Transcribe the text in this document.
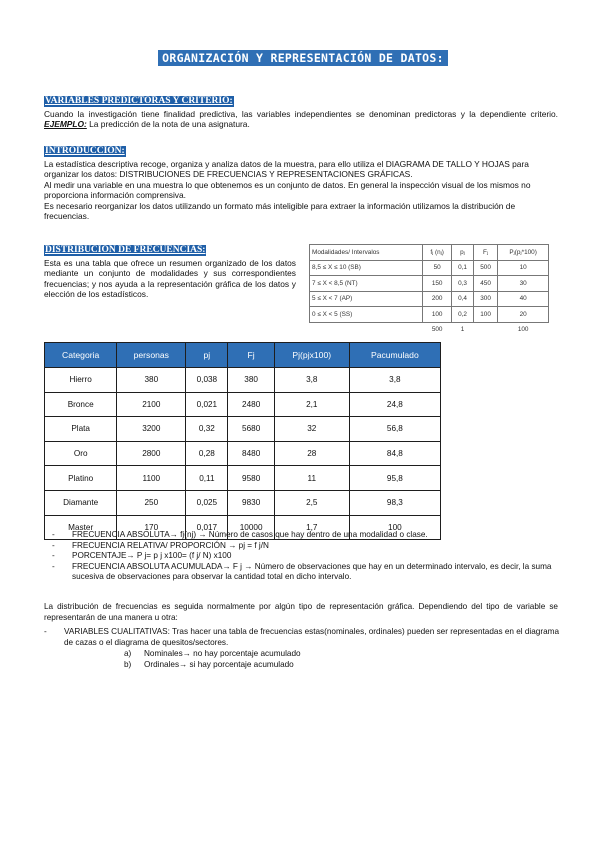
ORGANIZACIÓN Y REPRESENTACIÓN DE DATOS:
VARIABLES PREDICTORAS Y CRITERIO:

Cuando la investigación tiene finalidad predictiva, las variables independientes se denominan predictoras y la dependiente criterio. EJEMPLO: La predicción de la nota de una asignatura.

INTRODUCCIÓN:

La estadística descriptiva recoge, organiza y analiza datos de la muestra, para ello utiliza el DIAGRAMA DE TALLO Y HOJAS para organizar los datos: DISTRIBUCIONES DE FRECUENCIAS Y REPRESENTACIONES GRÁFICAS.

Al medir una variable en una muestra lo que obtenemos es un conjunto de datos. En general la inspección visual de los mismos no proporciona información comprensiva.

Es necesario reorganizar los datos utilizando un formato más inteligible para extraer la información utilizamos la distribución de frecuencias.

DISTRIBUCIÓN DE FRECUENCIAS:
Esta es una tabla que ofrece un resumen organizado de los datos mediante un conjunto de modalidades y sus correspondientes frecuencias; y nos ayuda a la representación gráfica de los datos y elección de los estadísticos.
Modalidades/ Intervalos	fⱼ (nⱼ)	pⱼ	Fⱼ	Pⱼ(pⱼ*100)
8,5 ≤ X ≤ 10 (SB)	50	0,1	500	10
7 ≤ X < 8,5 (NT)	150	0,3	450	30
5 ≤ X < 7 (AP)	200	0,4	300	40
0 ≤ X < 5 (SS)	100	0,2	100	20
	500	1		100
Categoria	personas	pj	Fj	Pj(pjx100)	Pacumulado
Hierro	380	0,038	380	3,8	3,8
Bronce	2100	0,021	2480	2,1	24,8
Plata	3200	0,32	5680	32	56,8
Oro	2800	0,28	8480	28	84,8
Platino	1100	0,11	9580	11	95,8
Diamante	250	0,025	9830	2,5	98,3
Master	170	0,017	10000	1,7	100
-	FRECUENCIA ABSOLUTA→ fj(nj) → Número de casos que hay dentro de una modalidad o clase.
-	FRECUENCIA RELATIVA/ PROPORCIÓN → pj = f j/N
-	PORCENTAJE→ P j= p j x100= (f j/ N) x100
-	FRECUENCIA ABSOLUTA ACUMULADA→ F j → Número de observaciones que hay en un determinado intervalo, es decir, la suma sucesiva de observaciones para observar la cantidad total en dicho intervalo.
La distribución de frecuencias es seguida normalmente por algún tipo de representación gráfica. Dependiendo del tipo de variable se representarán de una manera u otra:
-	VARIABLES CUALITATIVAS: Tras hacer una tabla de frecuencias estas(nominales, ordinales) pueden ser representadas en el diagrama de cazas o el diagrama de quesitos/sectores.
a)	Nominales→ no hay porcentaje acumulado
b)	Ordinales→ si hay porcentaje acumulado
